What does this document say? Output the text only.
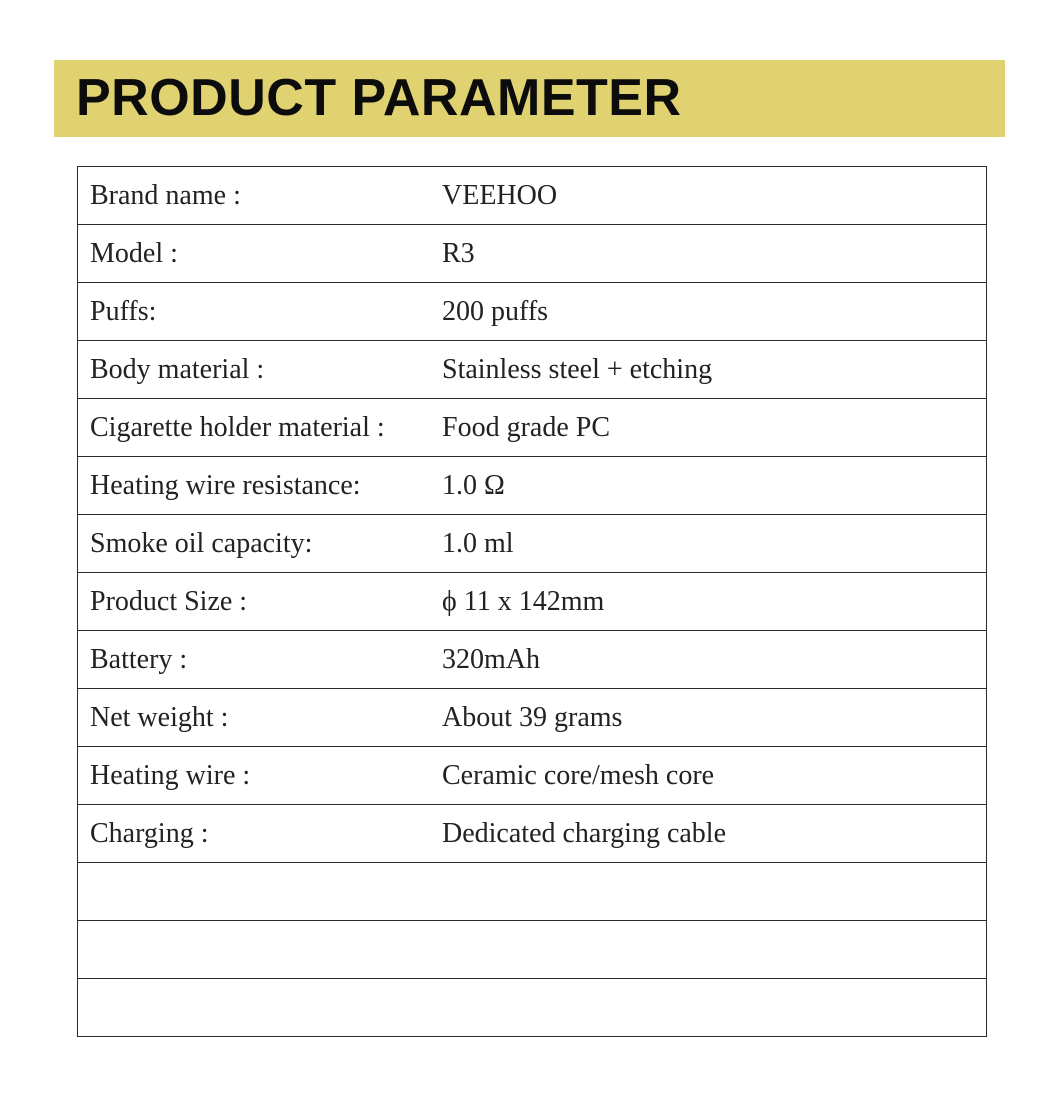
PRODUCT PARAMETER
Brand name :	VEEHOO
Model :	R3
Puffs:	200 puffs
Body material :	Stainless steel + etching
Cigarette holder material :	Food grade PC
Heating wire resistance:	1.0 Ω
Smoke oil capacity:	1.0 ml
Product Size :	ϕ 11 x 142mm
Battery :	320mAh
Net weight :	About 39 grams
Heating wire :	Ceramic core/mesh core
Charging :	Dedicated charging cable
